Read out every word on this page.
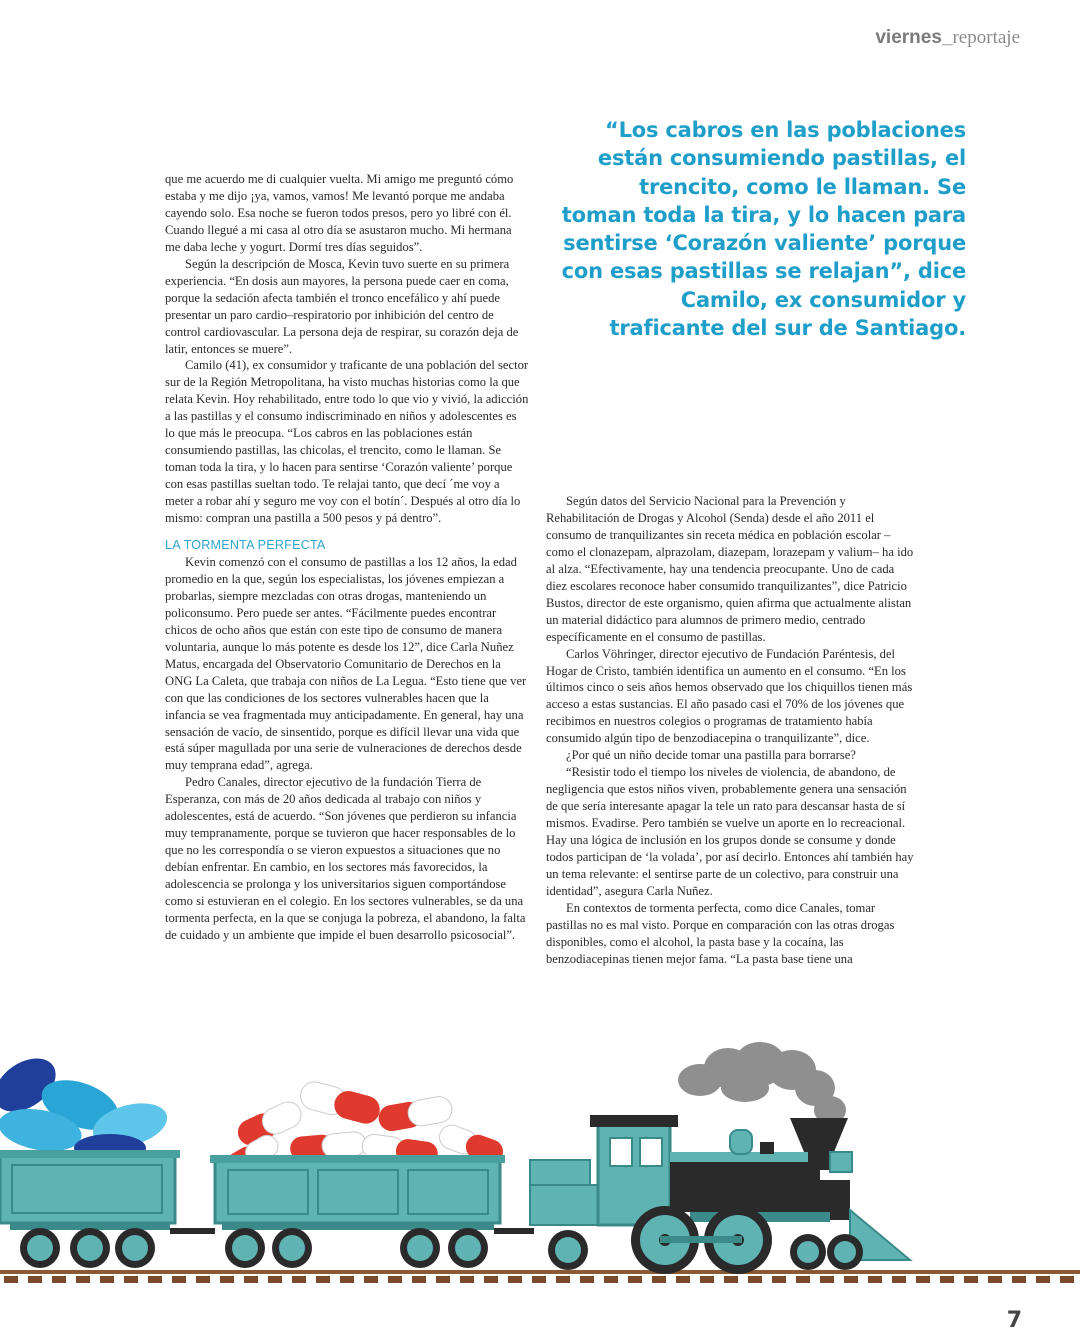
viernes_reportaje
“Los cabros en las poblaciones están consumiendo pastillas, el trencito, como le llaman. Se toman toda la tira, y lo hacen para sentirse ‘Corazón valiente’ porque con esas pastillas se relajan”, dice Camilo, ex consumidor y traficante del sur de Santiago.

que me acuerdo me di cualquier vuelta. Mi amigo me preguntó cómo estaba y me dijo ¡ya, vamos, vamos! Me levantó porque me andaba cayendo solo. Esa noche se fueron todos presos, pero yo libré con él. Cuando llegué a mi casa al otro día se asustaron mucho. Mi hermana me daba leche y yogurt. Dormí tres días seguidos”.

Según la descripción de Mosca, Kevin tuvo suerte en su primera experiencia. “En dosis aun mayores, la persona puede caer en coma, porque la sedación afecta también el tronco encefálico y ahí puede presentar un paro cardio–respiratorio por inhibición del centro de control cardiovascular. La persona deja de respirar, su corazón deja de latir, entonces se muere”.

Camilo (41), ex consumidor y traficante de una población del sector sur de la Región Metropolitana, ha visto muchas historias como la que relata Kevin. Hoy rehabilitado, entre todo lo que vio y vivió, la adicción a las pastillas y el consumo indiscriminado en niños y adolescentes es lo que más le preocupa. “Los cabros en las poblaciones están consumiendo pastillas, las chicolas, el trencito, como le llaman. Se toman toda la tira, y lo hacen para sentirse ‘Corazón valiente’ porque con esas pastillas sueltan todo. Te relajai tanto, que decí ´me voy a meter a robar ahí y seguro me voy con el botín´. Después al otro día lo mismo: compran una pastilla a 500 pesos y pá dentro”.

LA TORMENTA PERFECTA

Kevin comenzó con el consumo de pastillas a los 12 años, la edad promedio en la que, según los especialistas, los jóvenes empiezan a probarlas, siempre mezcladas con otras drogas, manteniendo un policonsumo. Pero puede ser antes. “Fácilmente puedes encontrar chicos de ocho años que están con este tipo de consumo de manera voluntaria, aunque lo más potente es desde los 12”, dice Carla Nuñez Matus, encargada del Observatorio Comunitario de Derechos en la ONG La Caleta, que trabaja con niños de La Legua. “Esto tiene que ver con que las condiciones de los sectores vulnerables hacen que la infancia se vea fragmentada muy anticipadamente. En general, hay una sensación de vacío, de sinsentido, porque es difícil llevar una vida que está súper magullada por una serie de vulneraciones de derechos desde muy temprana edad”, agrega.

Pedro Canales, director ejecutivo de la fundación Tierra de Esperanza, con más de 20 años dedicada al trabajo con niños y adolescentes, está de acuerdo. “Son jóvenes que perdieron su infancia muy tempranamente, porque se tuvieron que hacer responsables de lo que no les correspondía o se vieron expuestos a situaciones que no debían enfrentar. En cambio, en los sectores más favorecidos, la adolescencia se prolonga y los universitarios siguen comportándose como si estuvieran en el colegio. En los sectores vulnerables, se da una tormenta perfecta, en la que se conjuga la pobreza, el abandono, la falta de cuidado y un ambiente que impide el buen desarrollo psicosocial”.

Según datos del Servicio Nacional para la Prevención y Rehabilitación de Drogas y Alcohol (Senda) desde el año 2011 el consumo de tranquilizantes sin receta médica en población escolar –como el clonazepam, alprazolam, diazepam, lorazepam y valium– ha ido al alza. “Efectivamente, hay una tendencia preocupante. Uno de cada diez escolares reconoce haber consumido tranquilizantes”, dice Patricio Bustos, director de este organismo, quien afirma que actualmente alistan un material didáctico para alumnos de primero medio, centrado específicamente en el consumo de pastillas.

Carlos Vöhringer, director ejecutivo de Fundación Paréntesis, del Hogar de Cristo, también identifica un aumento en el consumo. “En los últimos cinco o seis años hemos observado que los chiquillos tienen más acceso a estas sustancias. El año pasado casi el 70% de los jóvenes que recibimos en nuestros colegios o programas de tratamiento había consumido algún tipo de benzodiacepina o tranquilizante”, dice.

¿Por qué un niño decide tomar una pastilla para borrarse?

“Resistir todo el tiempo los niveles de violencia, de abandono, de negligencia que estos niños viven, probablemente genera una sensación de que sería interesante apagar la tele un rato para descansar hasta de sí mismos. Evadirse. Pero también se vuelve un aporte en lo recreacional. Hay una lógica de inclusión en los grupos donde se consume y donde todos participan de ‘la volada’, por así decirlo. Entonces ahí también hay un tema relevante: el sentirse parte de un colectivo, para construir una identidad”, asegura Carla Nuñez.

En contextos de tormenta perfecta, como dice Canales, tomar pastillas no es mal visto. Porque en comparación con las otras drogas disponibles, como el alcohol, la pasta base y la cocaína, las benzodiacepinas tienen mejor fama. “La pasta base tiene una

7
